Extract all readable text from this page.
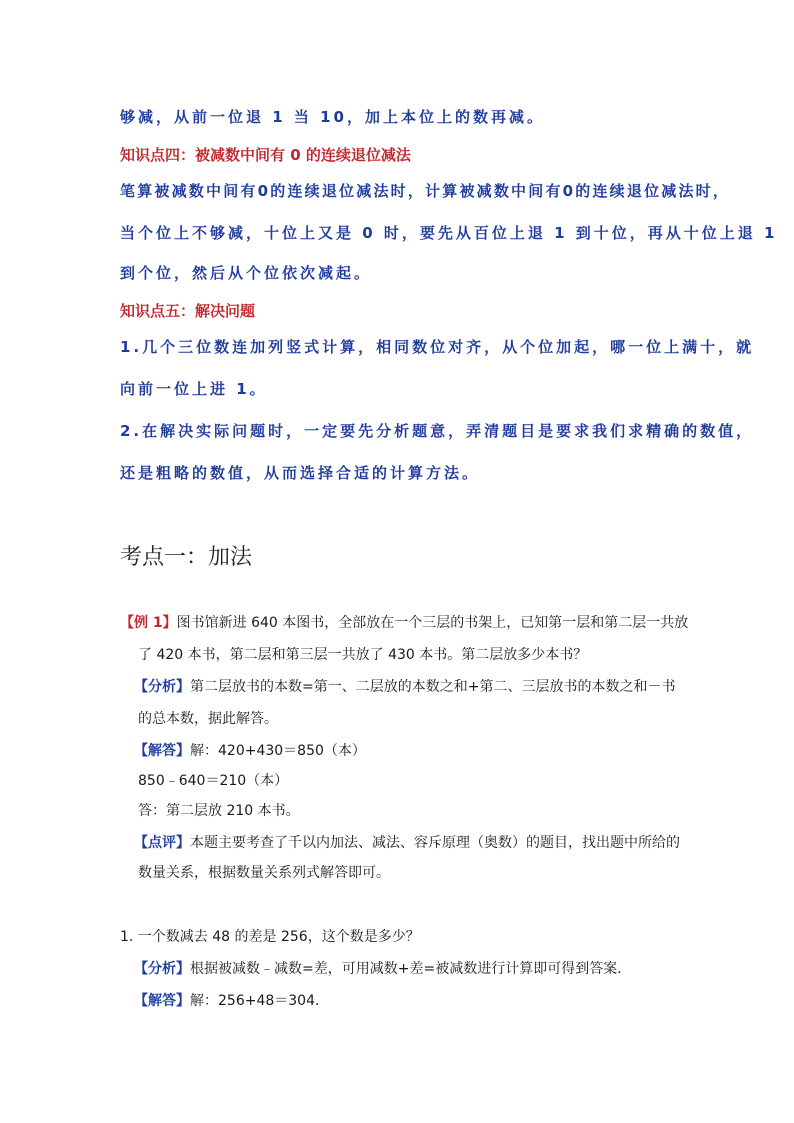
够减，从前一位退 1 当 10，加上本位上的数再减。
知识点四：被减数中间有 0 的连续退位减法
笔算被减数中间有0的连续退位减法时，计算被减数中间有0的连续退位减法时，
当个位上不够减，十位上又是 0 时，要先从百位上退 1 到十位，再从十位上退 1
到个位，然后从个位依次减起。
知识点五：解决问题
1.几个三位数连加列竖式计算，相同数位对齐，从个位加起，哪一位上满十，就
向前一位上进 1。
2.在解决实际问题时，一定要先分析题意，弄清题目是要求我们求精确的数值，
还是粗略的数值，从而选择合适的计算方法。
考点一：加法
【例 1】图书馆新进 640 本图书，全部放在一个三层的书架上，已知第一层和第二层一共放
了 420 本书，第二层和第三层一共放了 430 本书。第二层放多少本书？
【分析】第二层放书的本数=第一、二层放的本数之和+第二、三层放书的本数之和－书
的总本数，据此解答。
【解答】解：420+430＝850（本）
850﹣640＝210（本）
答：第二层放 210 本书。
【点评】本题主要考查了千以内加法、减法、容斥原理（奥数）的题目，找出题中所给的
数量关系，根据数量关系列式解答即可。
1. 一个数减去 48 的差是 256，这个数是多少？
【分析】根据被减数﹣减数=差，可用减数+差=被减数进行计算即可得到答案．
【解答】解：256+48＝304．
